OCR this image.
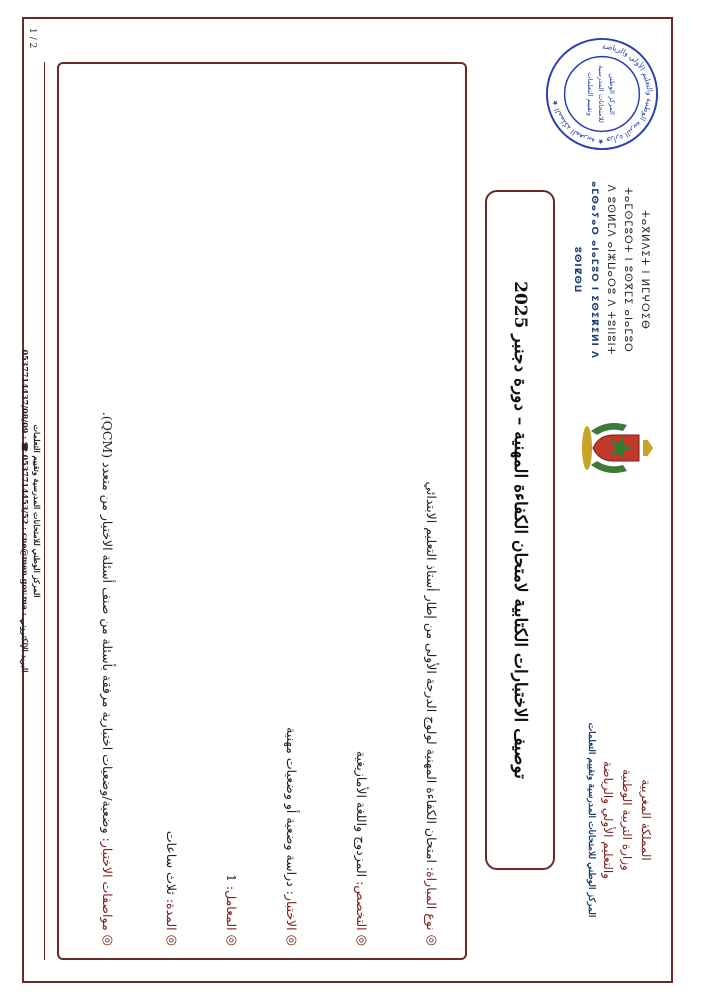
المملكة المغربية
وزارة التربية الوطنية
والتعليم الأولي والرياضة
المركز الوطني للامتحانات المدرسية وتقييم التعلمات
ⵜⴰⴳⵍⴷⵉⵜ ⵏ ⵍⵎⵖⵔⵉⴱ
ⵜⴰⵎⵙⵎⵓⵔⵜ ⵏ ⵓⵙⴳⵎⵉ ⴰⵏⴰⵎⵓⵔ
ⴷ ⵓⵙⵍⵎⴷ ⴰⵏⵣⵡⴰⵔⵓ ⴷ ⵜⵓⵏⵏⵓⵏⵜ
ⴰⵎⵙⴰⵢⴰⵔ ⴰⵏⴰⵎⵓⵔ ⵏ ⵉⵙⵉⴽⵉⵍⵏ ⴷ ⵓⵙⵏⵇⵙⵡ
المملكة المغربية ★ وزارة التربية الوطنية والتعليم الأولي والرياضة ★	المركز الوطني
للامتحانات المدرسية
وتقييم التعلمات
توصيف الاختبارات الكتابية لامتحان الكفاءة المهنية – دورة دجنبر 2025
◎
نوع المباراة:
امتحان الكفاءة المهنية لولوج الدرجة الأولى من إطار أستاذ التعليم الابتدائي
◎
التخصص:
المزدوج واللغة الأمازيغية
◎
الاختبار:
دراسة وضعية أو وضعيات مهنية
◎
المعامل:
1
◎
المدة:
ثلاث ساعات
◎
مواصفات الاختبار:
وضعية/وضعيات اختبارية مرفقة بأسئلة من صنف أسئلة الاختيار من متعدد (QCM).
المركز الوطني للامتحانات المدرسية وتقييم التعلمات
0537714437/08/09 : ☎ 0537714453/52 : cne@men.gov.ma : البريد الإلكتروني
1 / 2
